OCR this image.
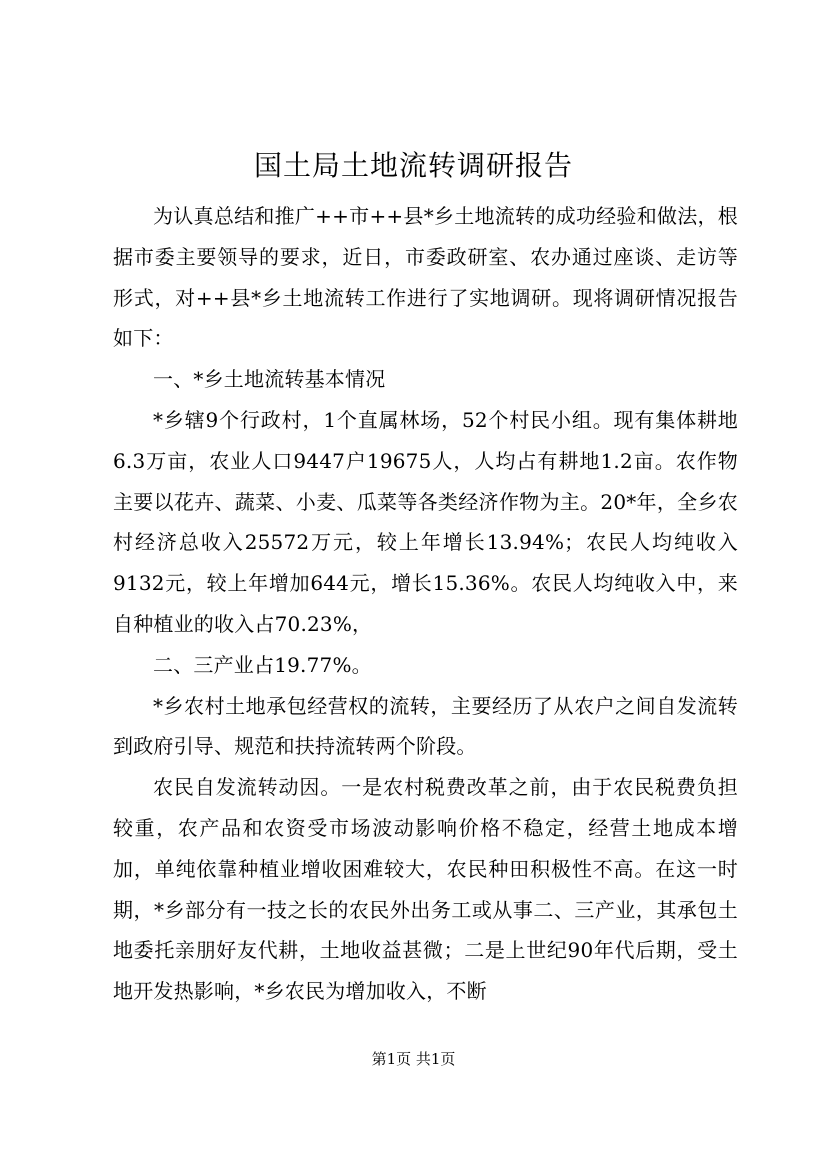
国土局土地流转调研报告

为认真总结和推广++市++县*乡土地流转的成功经验和做法，根据市委主要领导的要求，近日，市委政研室、农办通过座谈、走访等形式，对++县*乡土地流转工作进行了实地调研。现将调研情况报告如下：

一、*乡土地流转基本情况

*乡辖9个行政村，1个直属林场，52个村民小组。现有集体耕地6.3万亩，农业人口9447户19675人，人均占有耕地1.2亩。农作物主要以花卉、蔬菜、小麦、瓜菜等各类经济作物为主。20*年，全乡农村经济总收入25572万元，较上年增长13.94%；农民人均纯收入9132元，较上年增加644元，增长15.36%。农民人均纯收入中，来自种植业的收入占70.23%，

二、三产业占19.77%。

*乡农村土地承包经营权的流转，主要经历了从农户之间自发流转到政府引导、规范和扶持流转两个阶段。

农民自发流转动因。一是农村税费改革之前，由于农民税费负担较重，农产品和农资受市场波动影响价格不稳定，经营土地成本增加，单纯依靠种植业增收困难较大，农民种田积极性不高。在这一时期，*乡部分有一技之长的农民外出务工或从事二、三产业，其承包土地委托亲朋好友代耕，土地收益甚微；二是上世纪90年代后期，受土地开发热影响，*乡农民为增加收入，不断

第1页 共1页
